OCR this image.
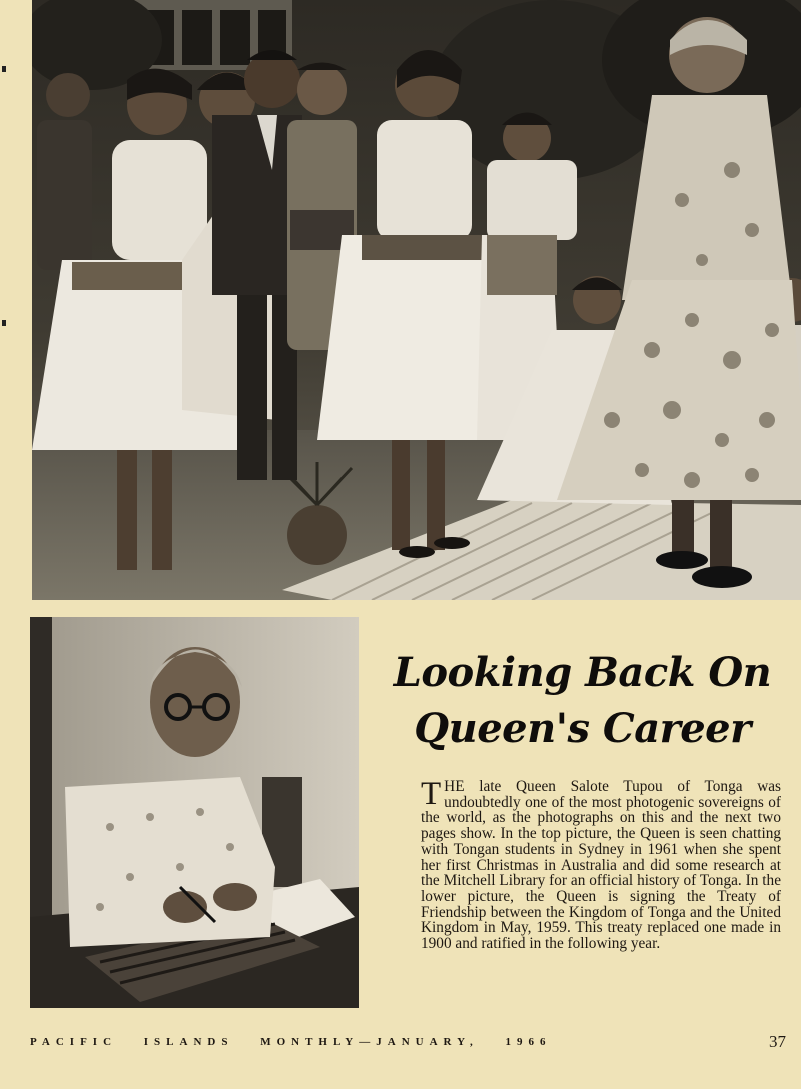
Looking Back On
Queen's Career
THE late Queen Salote Tupou of Tonga was undoubtedly one of the most photogenic sovereigns of the world, as the photographs on this and the next two pages show. In the top picture, the Queen is seen chatting with Tongan students in Sydney in 1961 when she spent her first Christmas in Australia and did some research at the Mitchell Library for an official history of Tonga. In the lower picture, the Queen is signing the Treaty of Friendship between the Kingdom of Tonga and the United Kingdom in May, 1959. This treaty replaced one made in 1900 and ratified in the following year.
PACIFIC ISLANDS MONTHLY—JANUARY, 1966	37
